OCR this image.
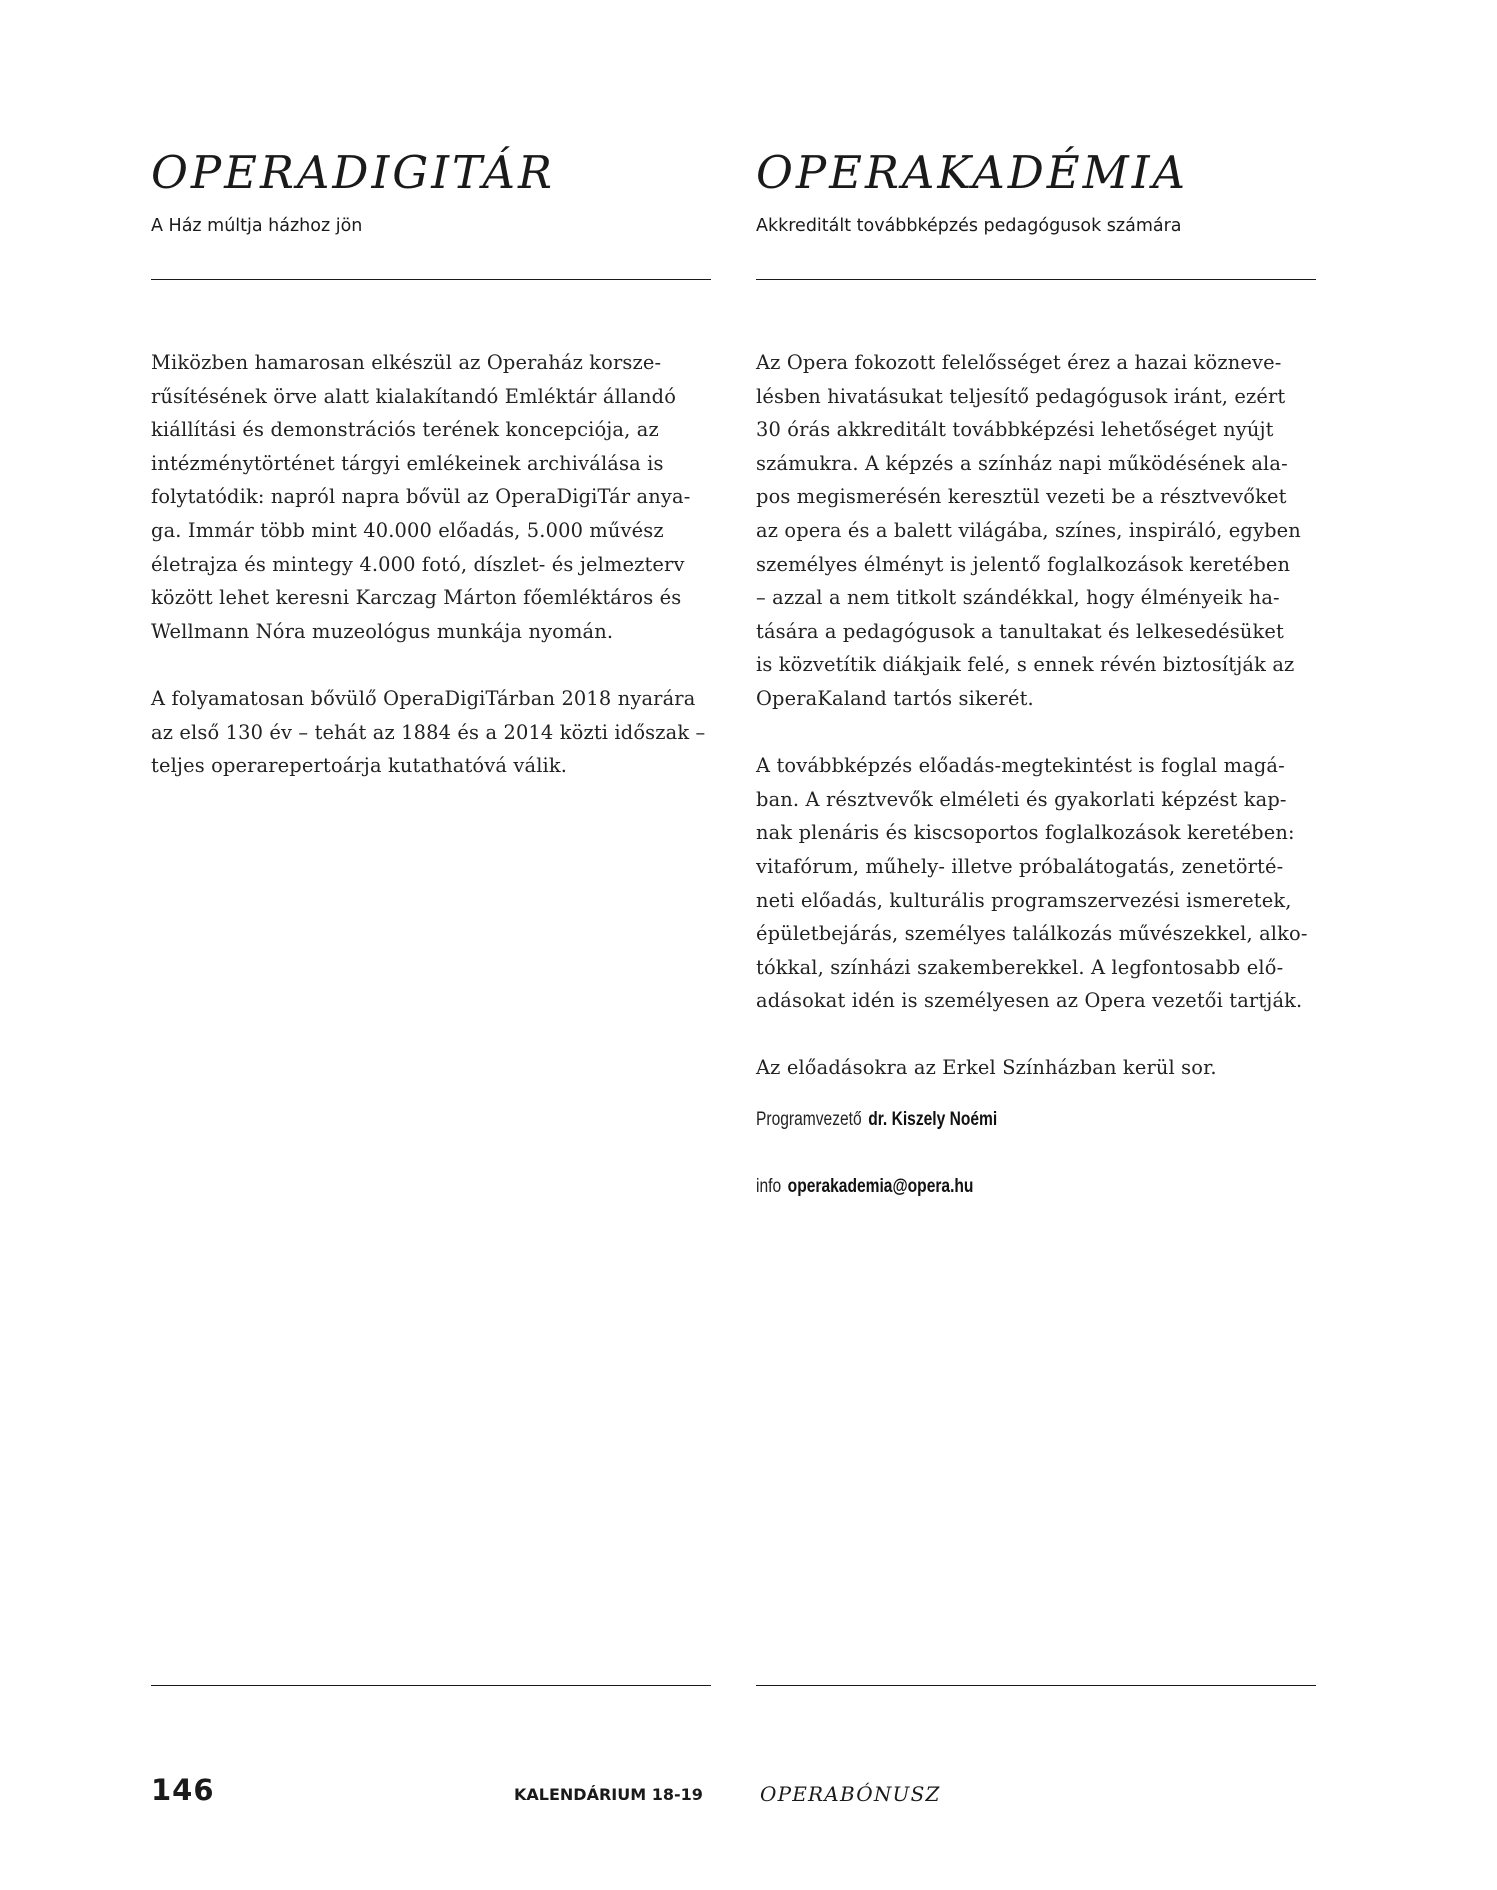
OPERADIGITÁR

A Ház múltja házhoz jön

Miközben hamarosan elkészül az Operaház korsze-
rűsítésének örve alatt kialakítandó Emléktár állandó
kiállítási és demonstrációs terének koncepciója, az
intézménytörténet tárgyi emlékeinek archiválása is
folytatódik: napról napra bővül az OperaDigiTár anya-
ga. Immár több mint 40.000 előadás, 5.000 művész
életrajza és mintegy 4.000 fotó, díszlet- és jelmezterv
között lehet keresni Karczag Márton főemléktáros és
Wellmann Nóra muzeológus munkája nyomán.

A folyamatosan bővülő OperaDigiTárban 2018 nyarára
az első 130 év – tehát az 1884 és a 2014 közti időszak –
teljes operarepertoárja kutathatóvá válik.

OPERAKADÉMIA

Akkreditált továbbképzés pedagógusok számára

Az Opera fokozott felelősséget érez a hazai közneve-
lésben hivatásukat teljesítő pedagógusok iránt, ezért
30 órás akkreditált továbbképzési lehetőséget nyújt
számukra. A képzés a színház napi működésének ala-
pos megismerésén keresztül vezeti be a résztvevőket
az opera és a balett világába, színes, inspiráló, egyben
személyes élményt is jelentő foglalkozások keretében
– azzal a nem titkolt szándékkal, hogy élményeik ha-
tására a pedagógusok a tanultakat és lelkesedésüket
is közvetítik diákjaik felé, s ennek révén biztosítják az
OperaKaland tartós sikerét.

A továbbképzés előadás-megtekintést is foglal magá-
ban. A résztvevők elméleti és gyakorlati képzést kap-
nak plenáris és kiscsoportos foglalkozások keretében:
vitafórum, műhely- illetve próbalátogatás, zenetörté-
neti előadás, kulturális programszervezési ismeretek,
épületbejárás, személyes találkozás művészekkel, alko-
tókkal, színházi szakemberekkel. A legfontosabb elő-
adásokat idén is személyesen az Opera vezetői tartják.

Az előadásokra az Erkel Színházban kerül sor.

Programvezető dr. Kiszely Noémi
info operakademia@opera.hu
146	KALENDÁRIUM 18-19	OPERABÓNUSZ
